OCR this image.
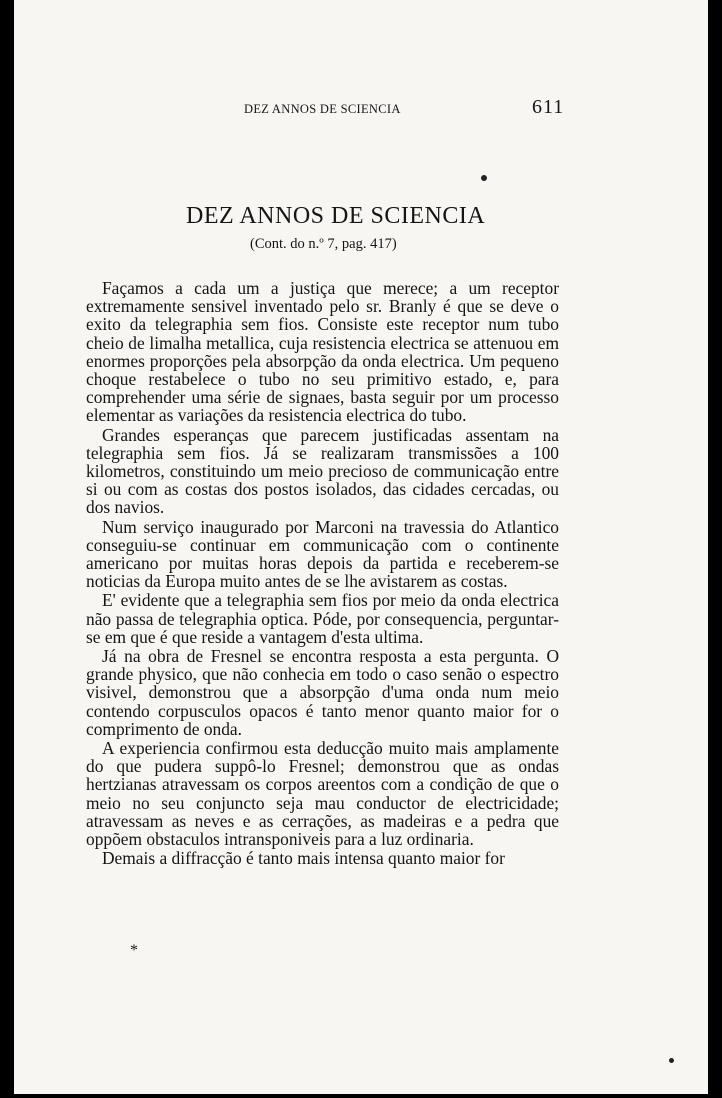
DEZ ANNOS DE SCIENCIA	611
DEZ ANNOS DE SCIENCIA
(Cont. do n.º 7, pag. 417)

Façamos a cada um a justiça que merece; a um receptor extremamente sensivel inventado pelo sr. Branly é que se deve o exito da telegraphia sem fios. Consiste este receptor num tubo cheio de limalha metallica, cuja resistencia electrica se attenuou em enormes proporções pela absorpção da onda electrica. Um pequeno choque restabelece o tubo no seu primitivo estado, e, para comprehender uma série de signaes, basta seguir por um processo elementar as variações da resistencia electrica do tubo.

Grandes esperanças que parecem justificadas assentam na telegraphia sem fios. Já se realizaram transmissões a 100 kilometros, constituindo um meio precioso de communicação entre si ou com as costas dos postos isolados, das cidades cercadas, ou dos navios.

Num serviço inaugurado por Marconi na travessia do Atlantico conseguiu-se continuar em communicação com o continente americano por muitas horas depois da partida e receberem-se noticias da Europa muito antes de se lhe avistarem as costas.

E' evidente que a telegraphia sem fios por meio da onda electrica não passa de telegraphia optica. Póde, por consequencia, perguntar-se em que é que reside a vantagem d'esta ultima.

Já na obra de Fresnel se encontra resposta a esta pergunta. O grande physico, que não conhecia em todo o caso senão o espectro visivel, demonstrou que a absorpção d'uma onda num meio contendo corpusculos opacos é tanto menor quanto maior for o comprimento de onda.

A experiencia confirmou esta deducção muito mais amplamente do que pudera suppô-lo Fresnel; demonstrou que as ondas hertzianas atravessam os corpos areentos com a condição de que o meio no seu conjuncto seja mau conductor de electricidade; atravessam as neves e as cerrações, as madeiras e a pedra que oppõem obstaculos intransponiveis para a luz ordinaria.

Demais a diffracção é tanto mais intensa quanto maior for

*
